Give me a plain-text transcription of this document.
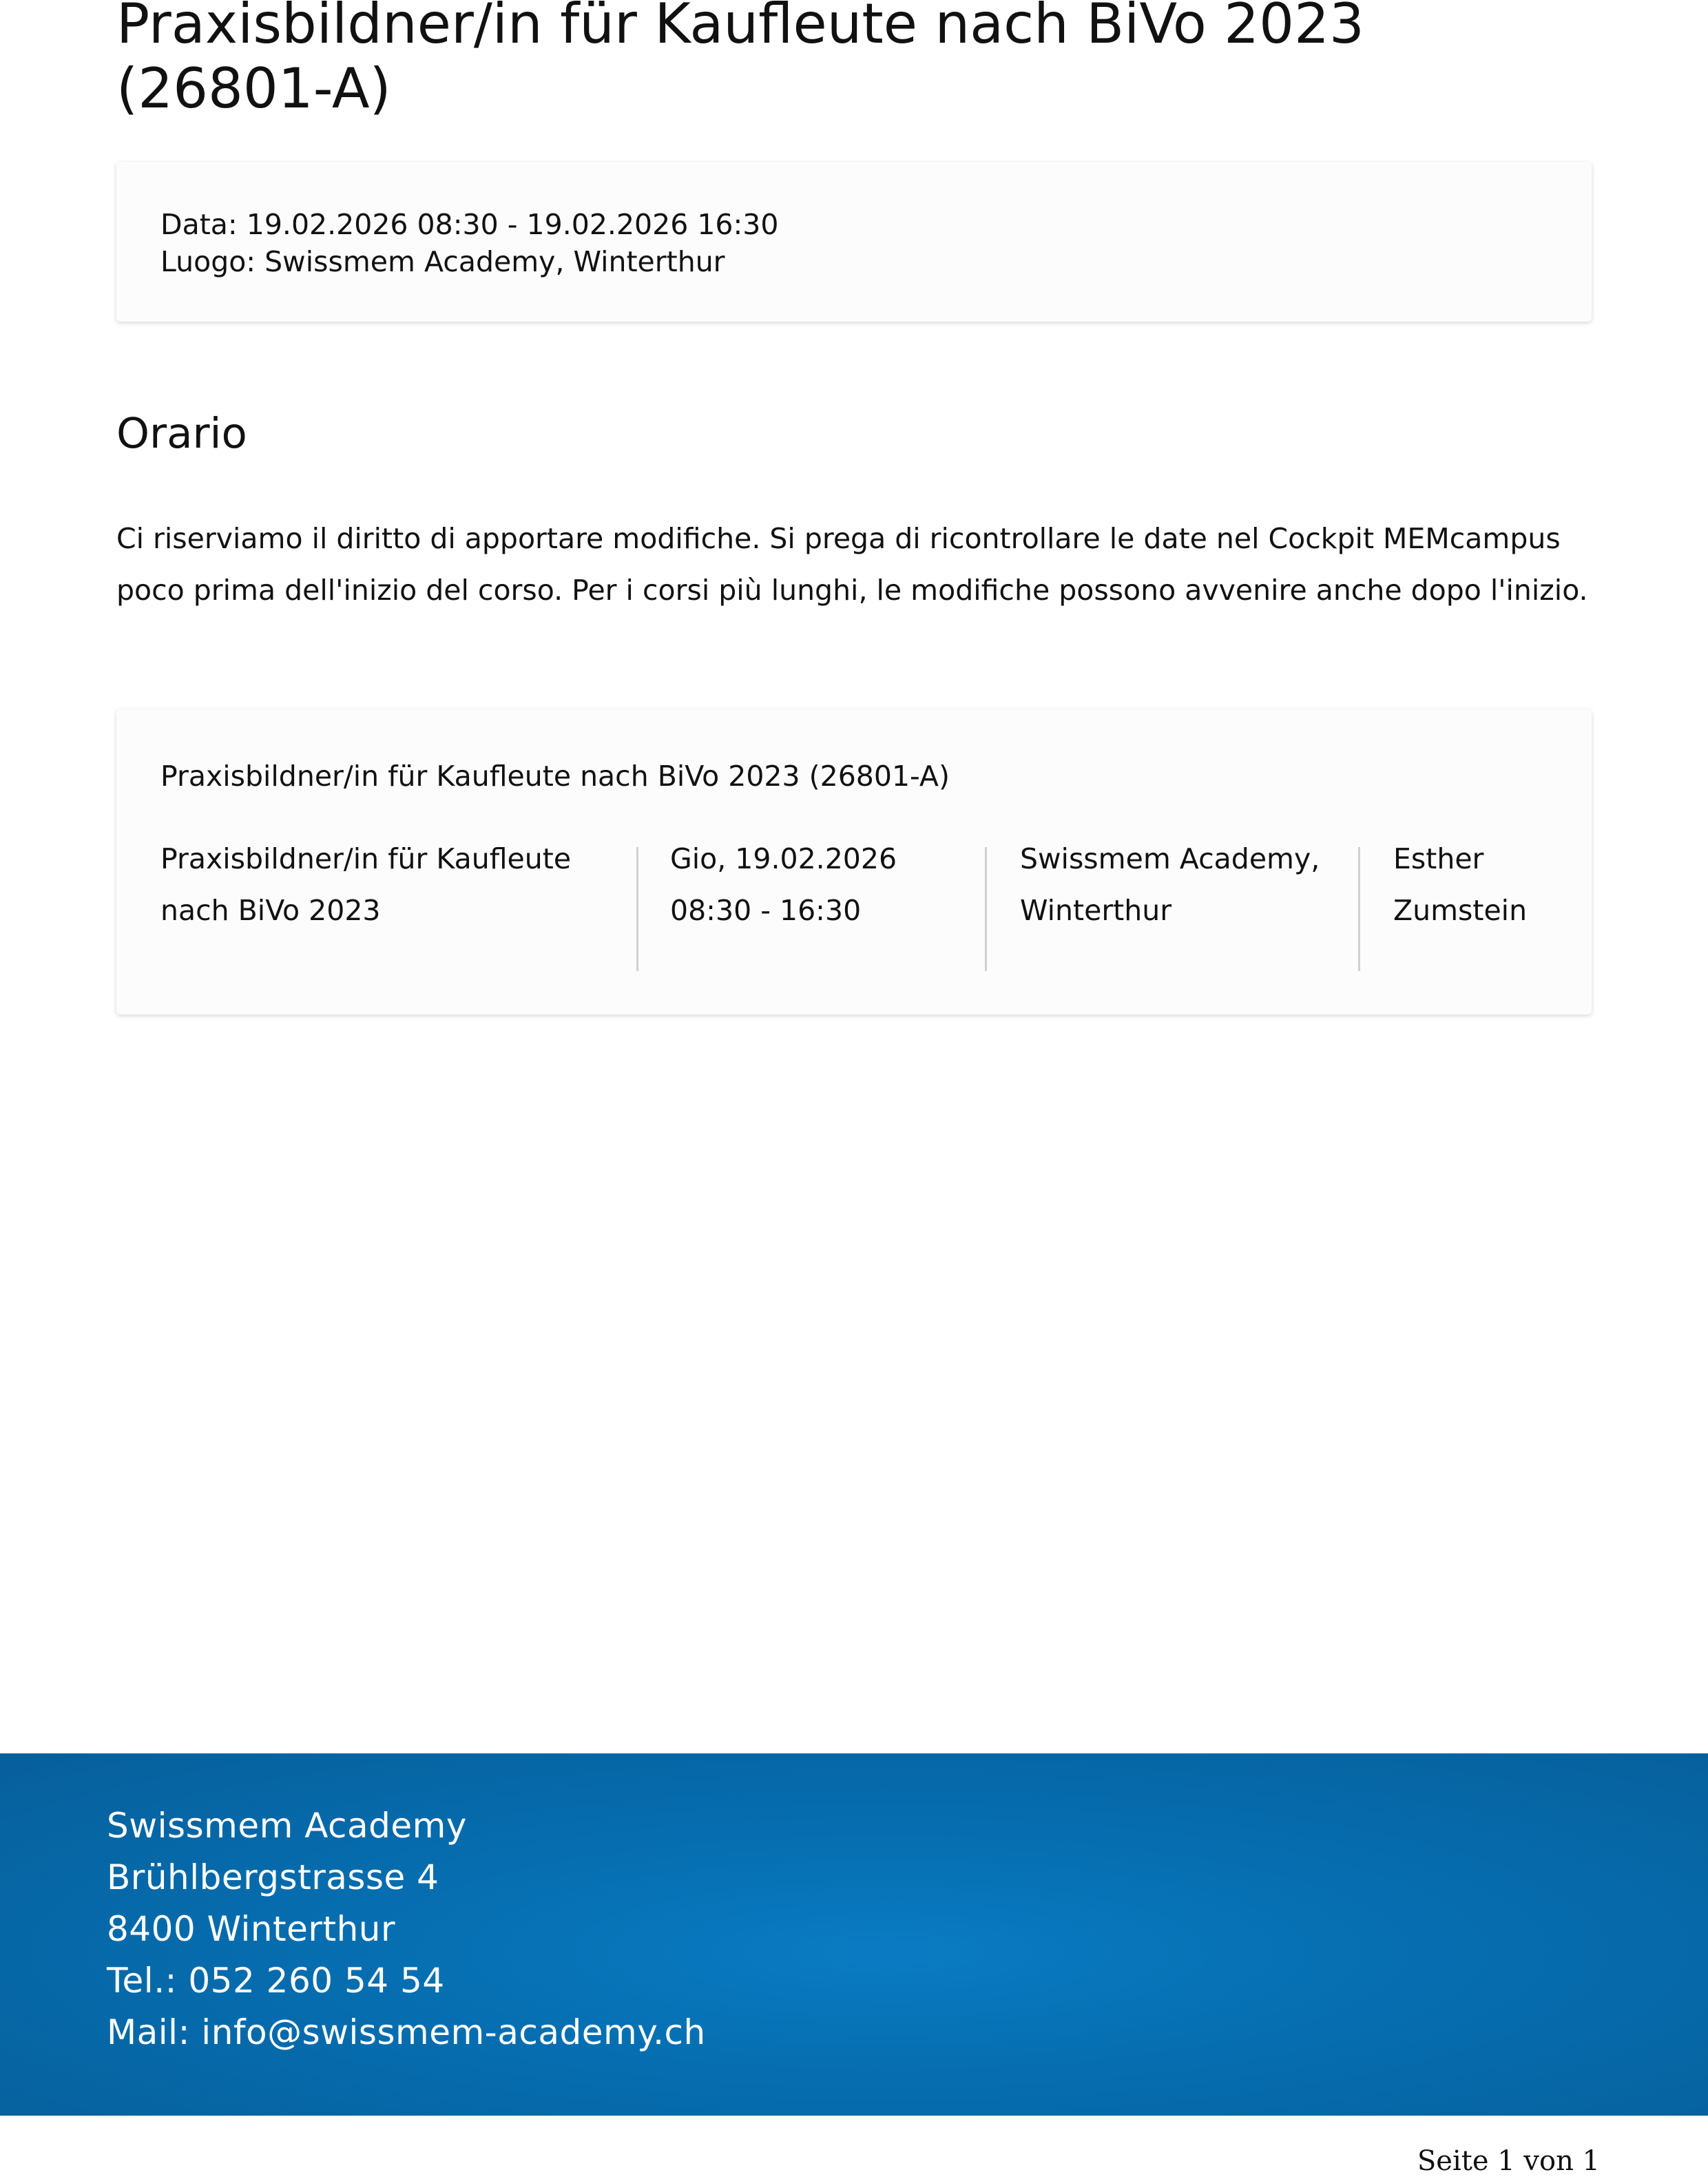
Praxisbildner/in für Kaufleute nach BiVo 2023
(26801-A)
Data: 19.02.2026 08:30 - 19.02.2026 16:30
Luogo: Swissmem Academy, Winterthur
Orario

Ci riserviamo il diritto di apportare modifiche. Si prega di ricontrollare le date nel Cockpit MEMcampus poco prima dell'inizio del corso. Per i corsi più lunghi, le modifiche possono avvenire anche dopo l'inizio.

Praxisbildner/in für Kaufleute nach BiVo 2023 (26801-A)
Praxisbildner/in für Kaufleute
nach BiVo 2023
Gio, 19.02.2026
08:30 - 16:30
Swissmem Academy,
Winterthur
Esther
Zumstein
Swissmem Academy
Brühlbergstrasse 4
8400 Winterthur
Tel.: 052 260 54 54
Mail: info@swissmem-academy.ch
Seite 1 von 1
